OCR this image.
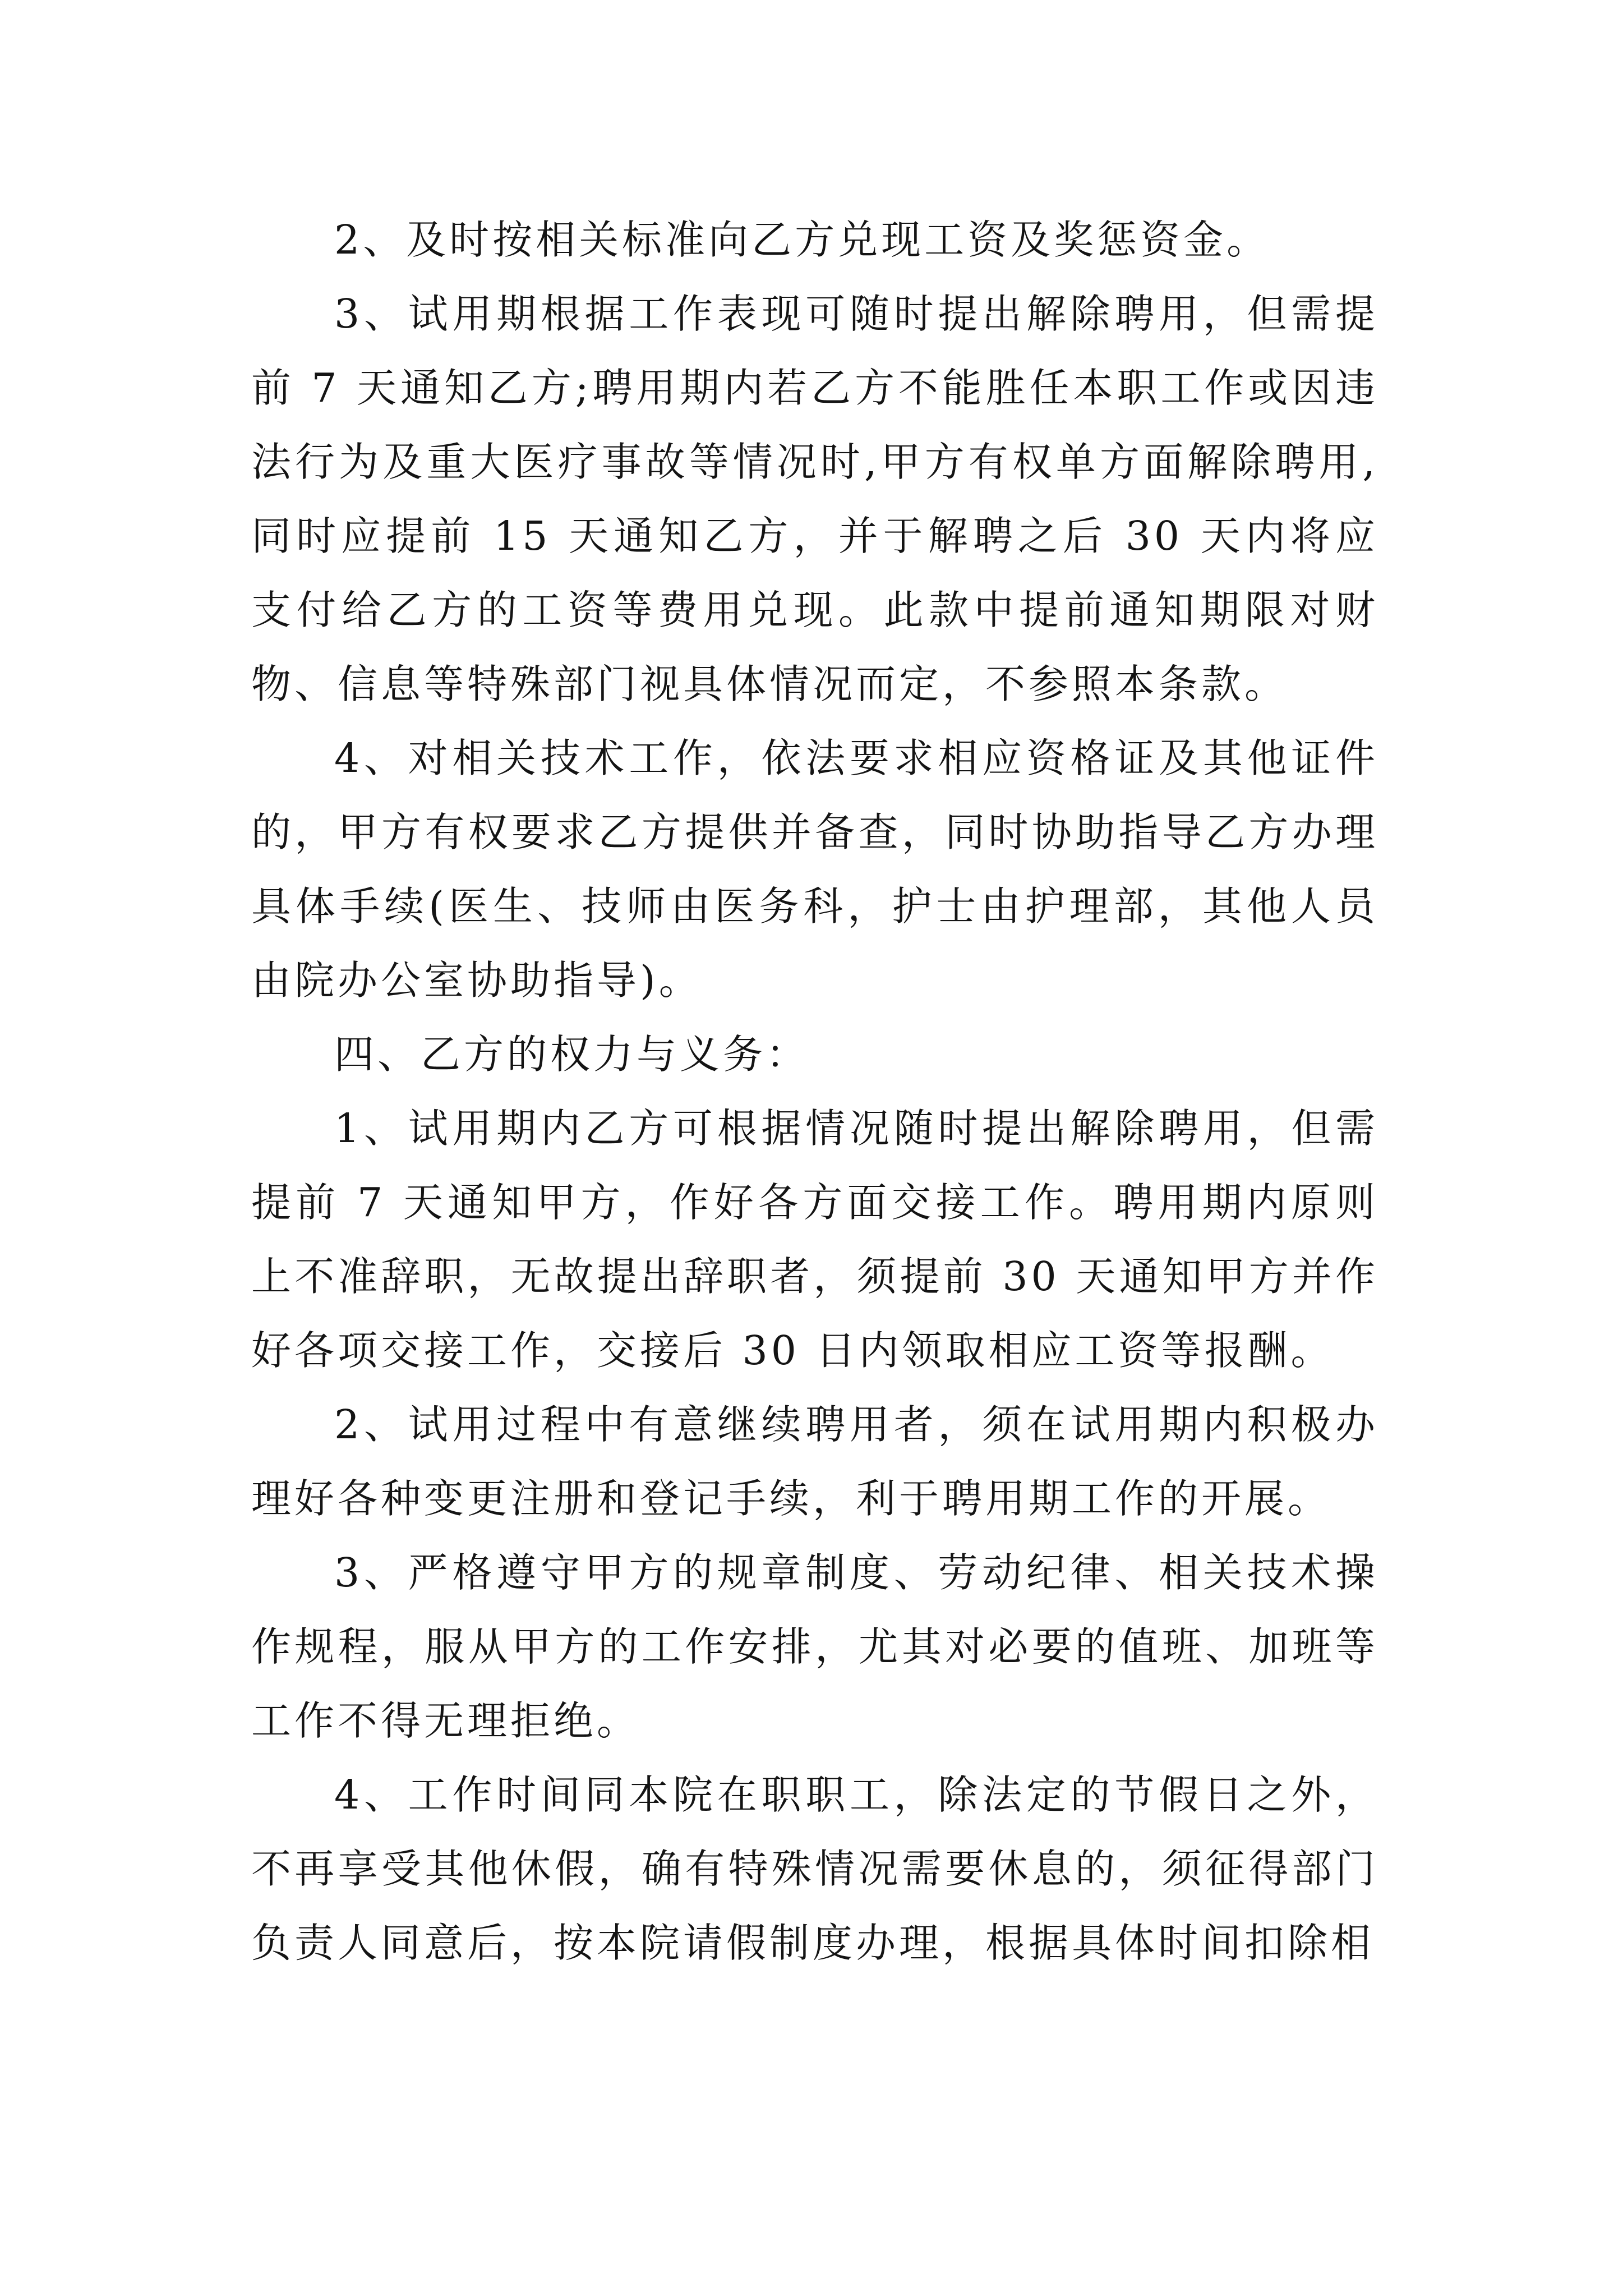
2、及时按相关标准向乙方兑现工资及奖惩资金。

3、试用期根据工作表现可随时提出解除聘用，但需提前 7 天通知乙方;聘用期内若乙方不能胜任本职工作或因违法行为及重大医疗事故等情况时,甲方有权单方面解除聘用,同时应提前 15 天通知乙方，并于解聘之后 30 天内将应支付给乙方的工资等费用兑现。此款中提前通知期限对财物、信息等特殊部门视具体情况而定，不参照本条款。

4、对相关技术工作，依法要求相应资格证及其他证件的，甲方有权要求乙方提供并备查，同时协助指导乙方办理具体手续(医生、技师由医务科，护士由护理部，其他人员由院办公室协助指导)。

四、乙方的权力与义务：

1、试用期内乙方可根据情况随时提出解除聘用，但需提前 7 天通知甲方，作好各方面交接工作。聘用期内原则上不准辞职，无故提出辞职者，须提前 30 天通知甲方并作好各项交接工作，交接后 30 日内领取相应工资等报酬。

2、试用过程中有意继续聘用者，须在试用期内积极办理好各种变更注册和登记手续，利于聘用期工作的开展。

3、严格遵守甲方的规章制度、劳动纪律、相关技术操作规程，服从甲方的工作安排，尤其对必要的值班、加班等工作不得无理拒绝。

4、工作时间同本院在职职工，除法定的节假日之外，不再享受其他休假，确有特殊情况需要休息的，须征得部门负责人同意后，按本院请假制度办理，根据具体时间扣除相
